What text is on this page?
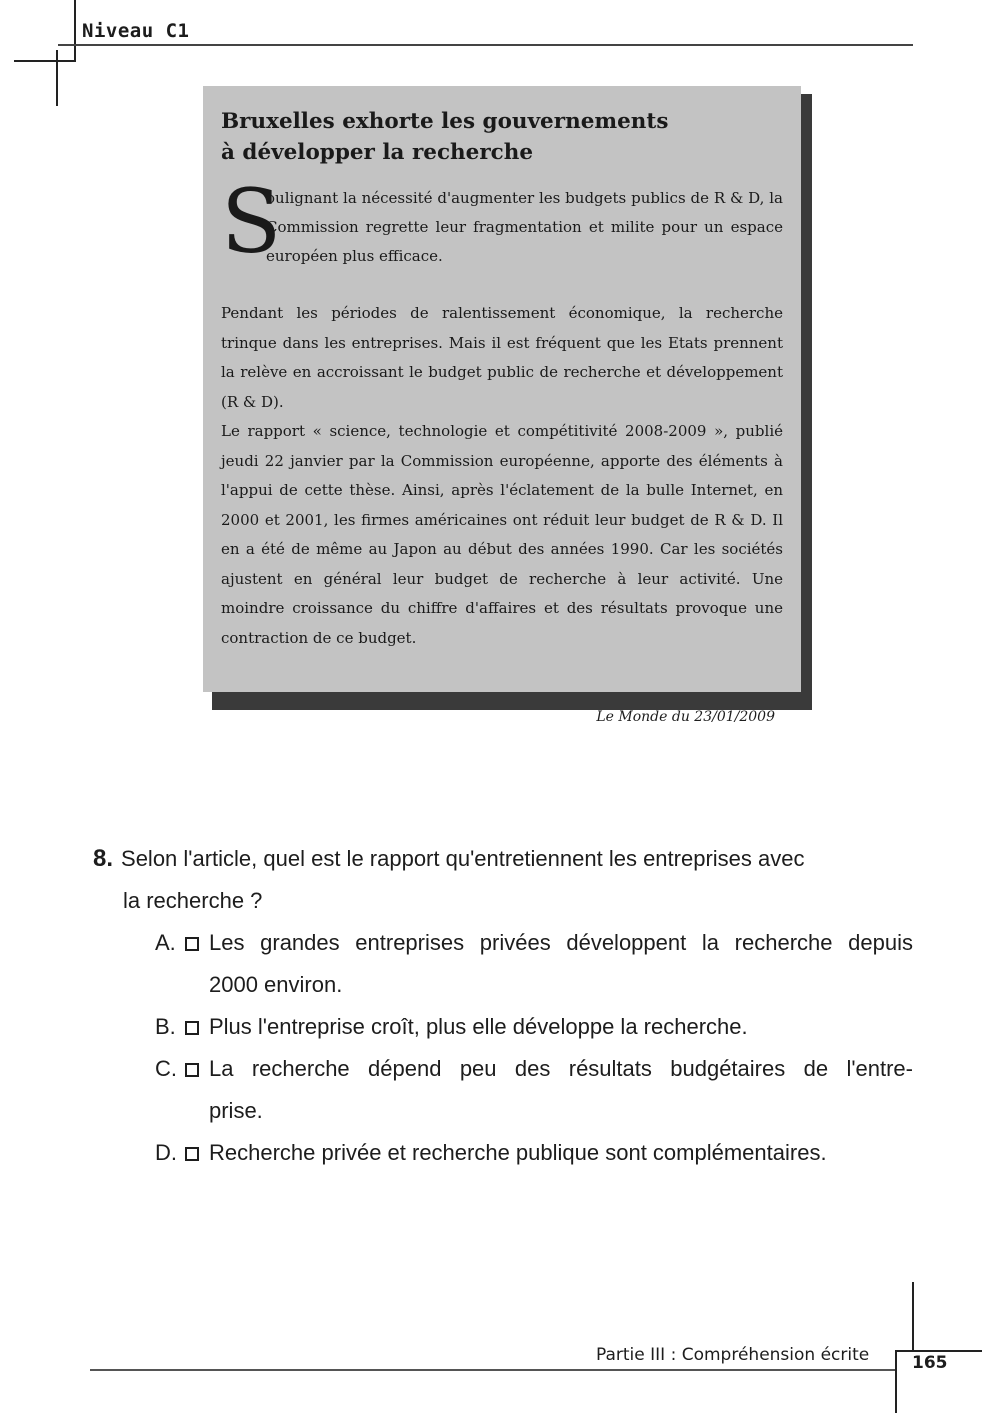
Niveau C1
Bruxelles exhorte les gouvernements
à développer la recherche

S
oulignant la nécessité d'augmenter les budgets publics de R & D, la Commission regrette leur fragmentation et milite pour un espace européen plus efficace.

Pendant les périodes de ralentissement économique, la recherche trinque dans les entreprises. Mais il est fréquent que les Etats prennent la relève en accroissant le budget public de recherche et développement (R & D).

Le rapport « science, technologie et compétitivité 2008-2009 », publié jeudi 22 janvier par la Commission européenne, apporte des éléments à l'appui de cette thèse. Ainsi, après l'éclatement de la bulle Internet, en 2000 et 2001, les firmes américaines ont réduit leur budget de R & D. Il en a été de même au Japon au début des années 1990. Car les sociétés ajustent en général leur budget de recherche à leur activité. Une moindre croissance du chiffre d'affaires et des résultats provoque une contraction de ce budget.

Le Monde du 23/01/2009
8. Selon l'article, quel est le rapport qu'entretiennent les entreprises avec
la recherche ?
A.	Les grandes entreprises privées développent la recherche depuis
2000 environ.
B.	Plus l'entreprise croît, plus elle développe la recherche.
C.	La recherche dépend peu des résultats budgétaires de l'entre-
prise.
D.	Recherche privée et recherche publique sont complémentaires.
Partie III : Compréhension écrite	165
